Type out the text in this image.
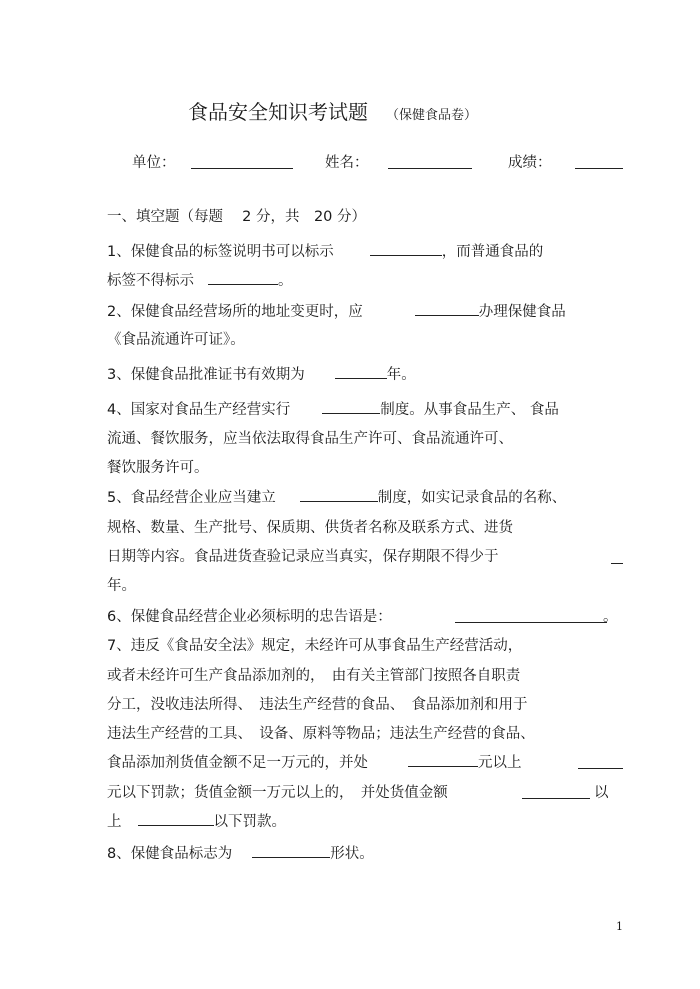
食品安全知识考试题 （保健食品卷）
单位：	姓名：	成绩：
一、填空题（每题　 2 分，共　20 分）
1、保健食品的标签说明书可以标示	，而普通食品的
标签不得标示	。
2、保健食品经营场所的地址变更时，应	办理保健食品
《食品流通许可证》。
3、保健食品批准证书有效期为	年。
4、国家对食品生产经营实行	制度。从事食品生产、 食品
流通、餐饮服务，应当依法取得食品生产许可、食品流通许可、
餐饮服务许可。
5、食品经营企业应当建立	制度，如实记录食品的名称、
规格、数量、生产批号、保质期、供货者名称及联系方式、进货
日期等内容。食品进货查验记录应当真实，保存期限不得少于
年。
6、保健食品经营企业必须标明的忠告语是：	。
7、违反《食品安全法》规定，未经许可从事食品生产经营活动，
或者未经许可生产食品添加剂的，　由有关主管部门按照各自职责
分工，没收违法所得、　违法生产经营的食品、　食品添加剂和用于
违法生产经营的工具、　设备、原料等物品；违法生产经营的食品、
食品添加剂货值金额不足一万元的，并处	元以上
元以下罚款；货值金额一万元以上的，　并处货值金额	以
上	以下罚款。
8、保健食品标志为	形状。
1
